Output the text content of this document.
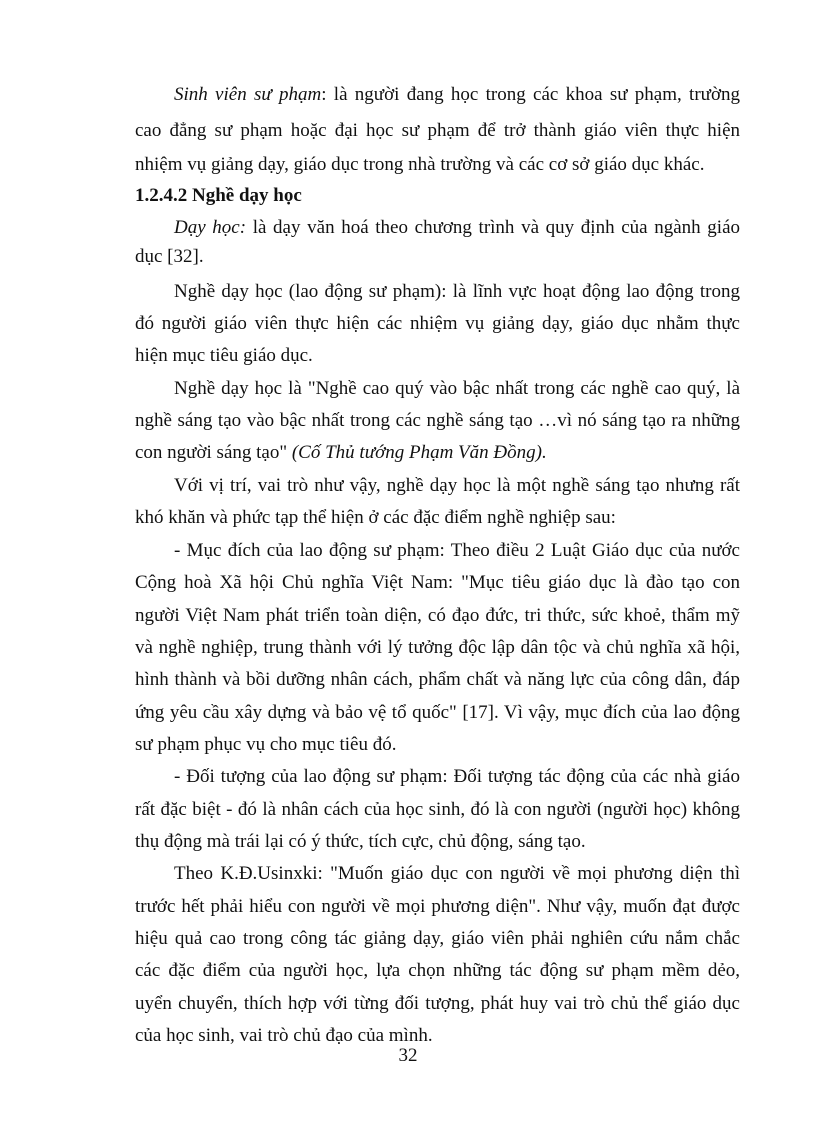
Sinh viên sư phạm: là người đang học trong các khoa sư phạm, trường
cao đẳng sư phạm hoặc đại học sư phạm để trở thành giáo viên thực hiện
nhiệm vụ giảng dạy, giáo dục trong nhà trường và các cơ sở giáo dục khác.
1.2.4.2 Nghề dạy học
Dạy học: là dạy văn hoá theo chương trình và quy định của ngành giáo
dục [32].
Nghề dạy học (lao động sư phạm): là lĩnh vực hoạt động lao động trong
đó người giáo viên thực hiện các nhiệm vụ giảng dạy, giáo dục nhằm thực
hiện mục tiêu giáo dục.
Nghề dạy học là "Nghề cao quý vào bậc nhất trong các nghề cao quý, là
nghề sáng tạo vào bậc nhất trong các nghề sáng tạo …vì nó sáng tạo ra những
con người sáng tạo" (Cố Thủ tướng Phạm Văn Đồng).
Với vị trí, vai trò như vậy, nghề dạy học là một nghề sáng tạo nhưng rất
khó khăn và phức tạp thể hiện ở các đặc điểm nghề nghiệp sau:
- Mục đích của lao động sư phạm: Theo điều 2 Luật Giáo dục của nước
Cộng hoà Xã hội Chủ nghĩa Việt Nam: "Mục tiêu giáo dục là đào tạo con
người Việt Nam phát triển toàn diện, có đạo đức, tri thức, sức khoẻ, thẩm mỹ
và nghề nghiệp, trung thành với lý tưởng độc lập dân tộc và chủ nghĩa xã hội,
hình thành và bồi dưỡng nhân cách, phẩm chất và năng lực của công dân, đáp
ứng yêu cầu xây dựng và bảo vệ tổ quốc" [17]. Vì vậy, mục đích của lao động
sư phạm phục vụ cho mục tiêu đó.
- Đối tượng của lao động sư phạm: Đối tượng tác động của các nhà giáo
rất đặc biệt - đó là nhân cách của học sinh, đó là con người (người học) không
thụ động mà trái lại có ý thức, tích cực, chủ động, sáng tạo.
Theo K.Đ.Usinxki: "Muốn giáo dục con người về mọi phương diện thì
trước hết phải hiểu con người về mọi phương diện". Như vậy, muốn đạt được
hiệu quả cao trong công tác giảng dạy, giáo viên phải nghiên cứu nắm chắc
các đặc điểm của người học, lựa chọn những tác động sư phạm mềm dẻo,
uyển chuyển, thích hợp với từng đối tượng, phát huy vai trò chủ thể giáo dục
của học sinh, vai trò chủ đạo của mình.
32
